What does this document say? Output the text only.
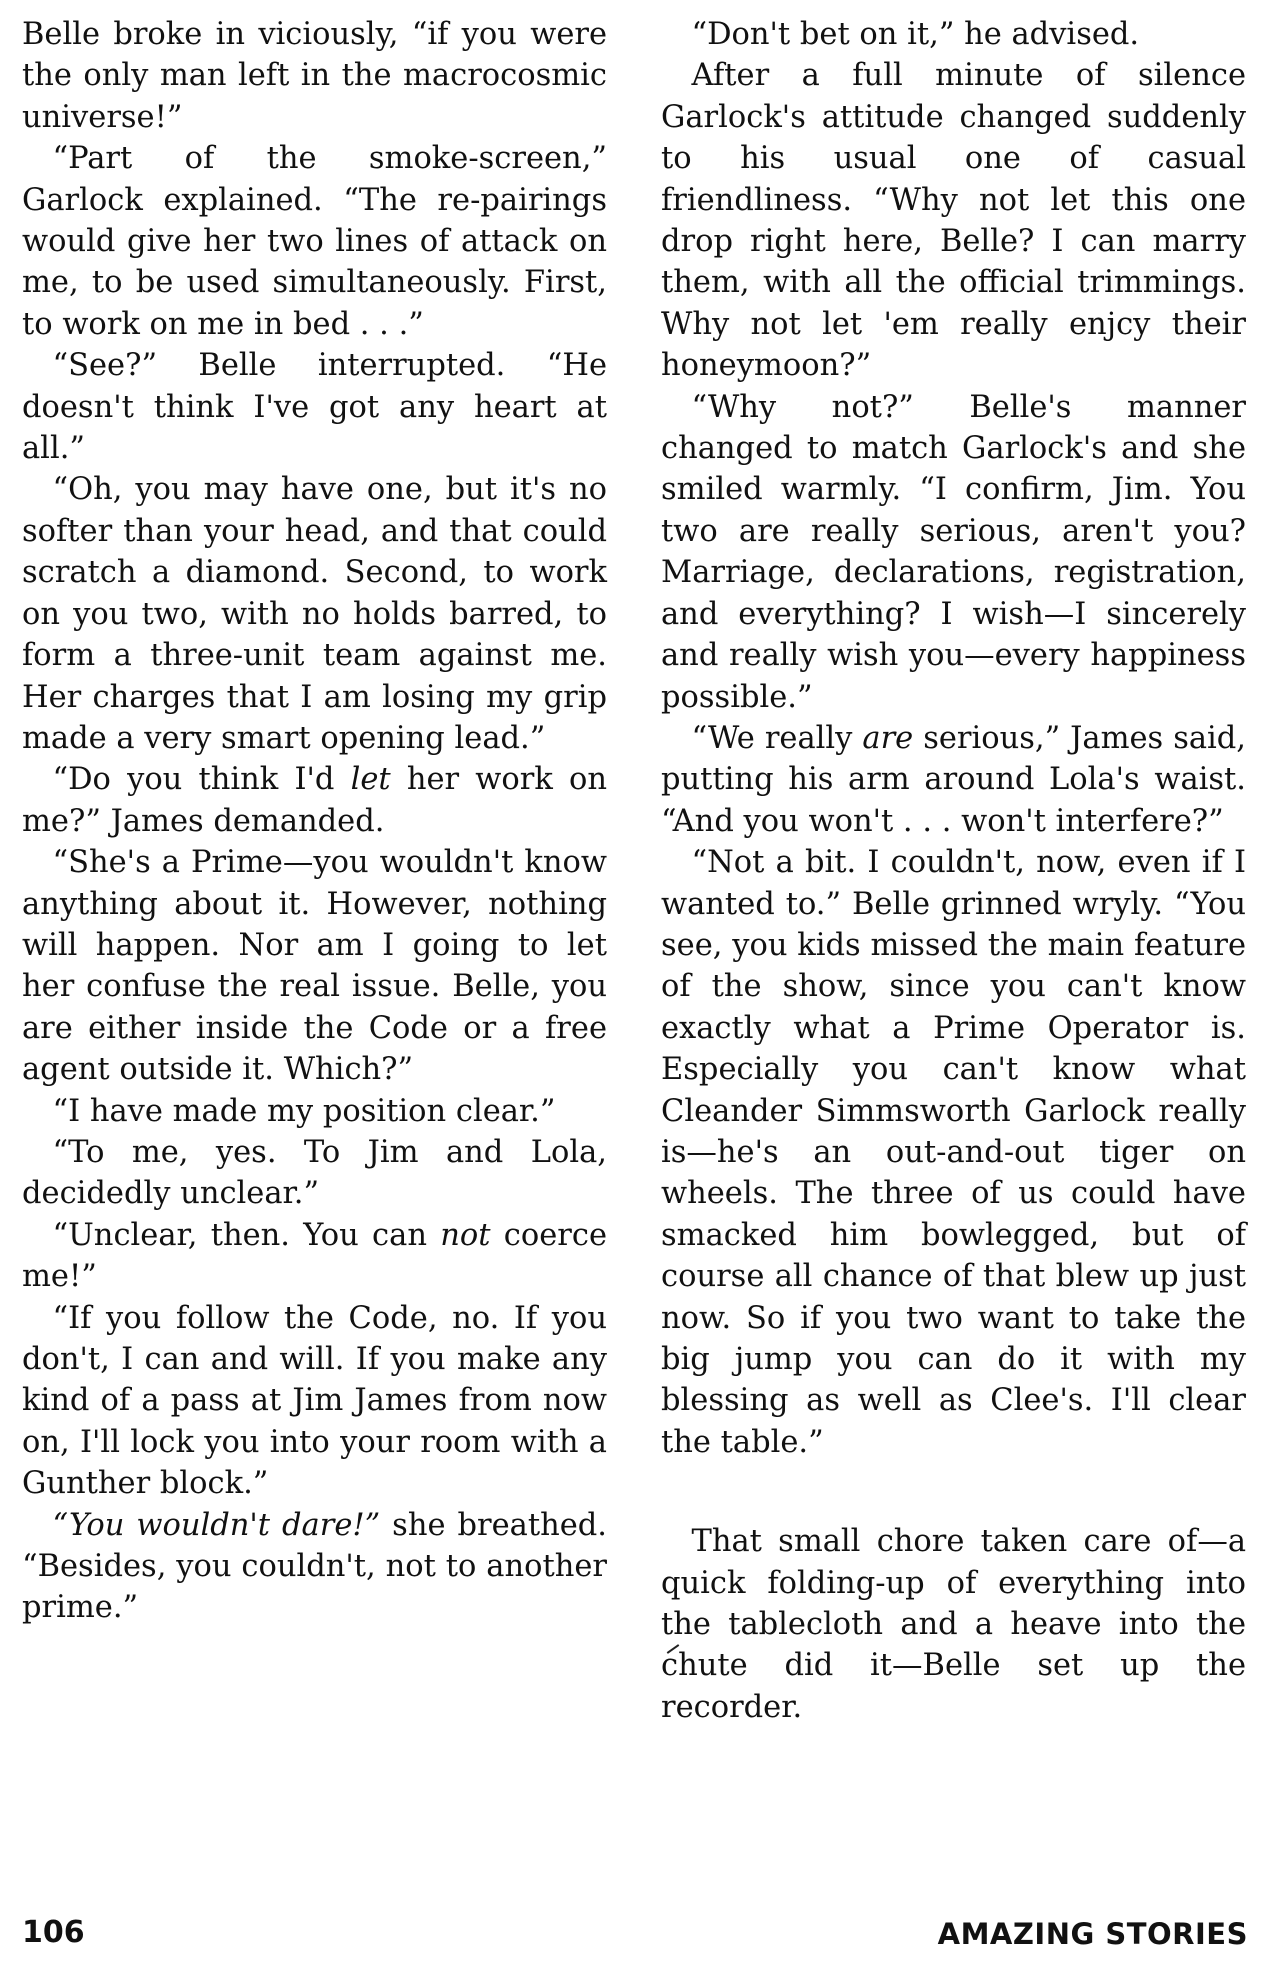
Belle broke in viciously, “if you were the only man left in the macrocosmic universe!”

“Part of the smoke-screen,” Garlock explained. “The re-pairings would give her two lines of attack on me, to be used simultaneously. First, to work on me in bed . . .”

“See?” Belle interrupted. “He doesn't think I've got any heart at all.”

“Oh, you may have one, but it's no softer than your head, and that could scratch a diamond. Second, to work on you two, with no holds barred, to form a three-unit team against me. Her charges that I am losing my grip made a very smart opening lead.”

“Do you think I'd let her work on me?” James demanded.

“She's a Prime—you wouldn't know anything about it. However, nothing will happen. Nor am I going to let her confuse the real issue. Belle, you are either inside the Code or a free agent outside it. Which?”

“I have made my position clear.”

“To me, yes. To Jim and Lola, decidedly unclear.”

“Unclear, then. You can not coerce me!”

“If you follow the Code, no. If you don't, I can and will. If you make any kind of a pass at Jim James from now on, I'll lock you into your room with a Gunther block.”

“You wouldn't dare!” she breathed. “Besides, you couldn't, not to another prime.”

“Don't bet on it,” he advised.

After a full minute of silence Garlock's attitude changed suddenly to his usual one of casual friendliness. “Why not let this one drop right here, Belle? I can marry them, with all the official trimmings. Why not let 'em really enjcy their honeymoon?”

“Why not?” Belle's manner changed to match Garlock's and she smiled warmly. “I confirm, Jim. You two are really serious, aren't you? Marriage, declarations, registration, and everything? I wish—I sincerely and really wish you—every happiness possible.”

“We really are serious,” James said, putting his arm around Lola's waist. “And you won't . . . won't interfere?”

“Not a bit. I couldn't, now, even if I wanted to.” Belle grinned wryly. “You see, you kids missed the main feature of the show, since you can't know exactly what a Prime Operator is. Especially you can't know what Cleander Simmsworth Garlock really is—he's an out-and-out tiger on wheels. The three of us could have smacked him bowlegged, but of course all chance of that blew up just now. So if you two want to take the big jump you can do it with my blessing as well as Clee's. I'll clear the table.”

That small chore taken care of—a quick folding-up of everything into the tablecloth and a heave into the chute did it—Belle set up the recorder.

106	AMAZING STORIES
